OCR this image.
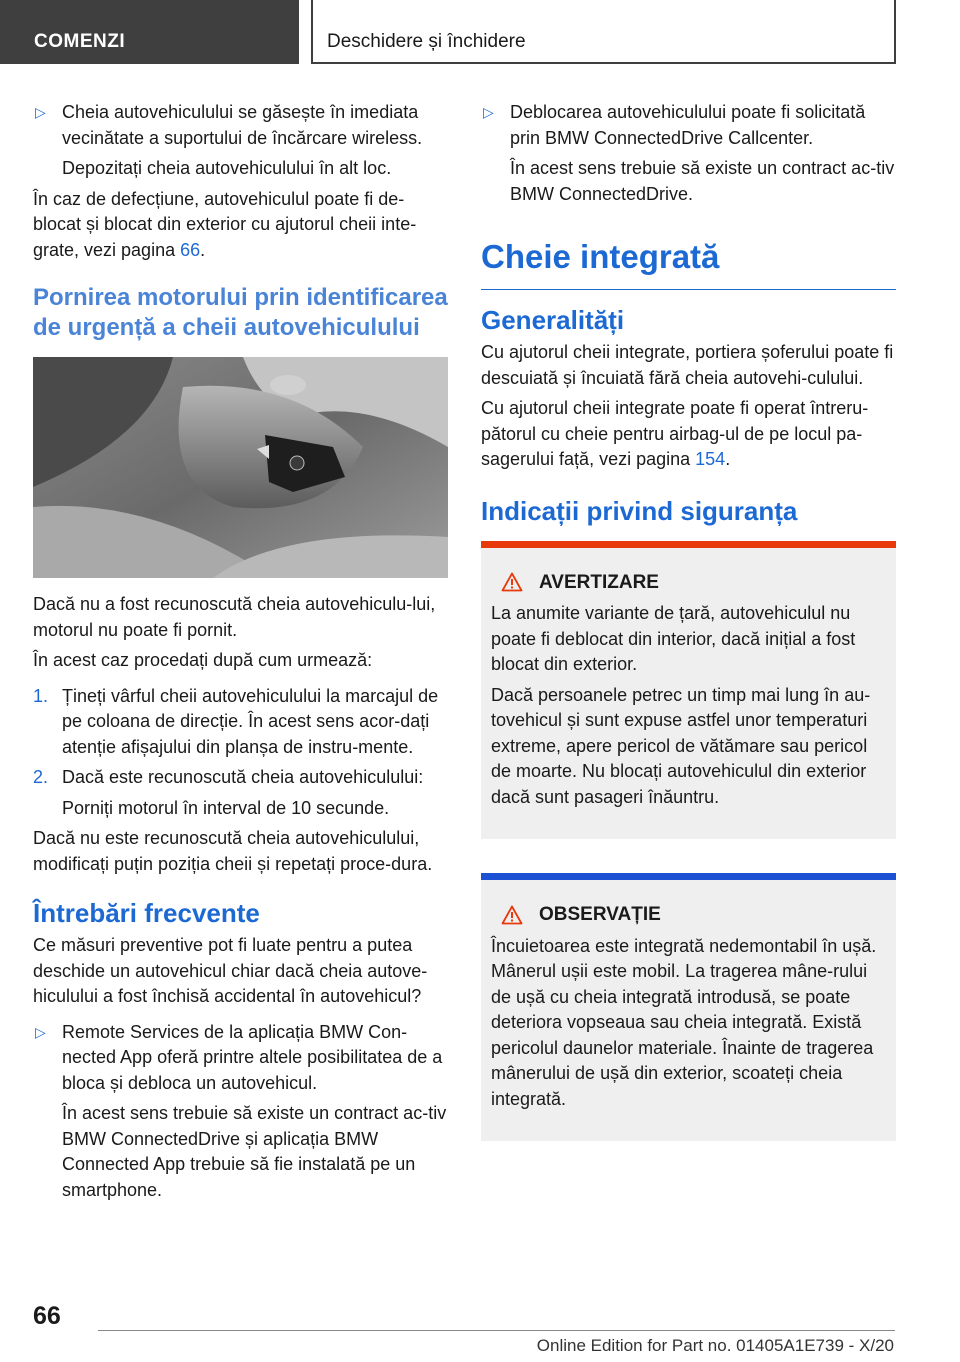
COMENZI	Deschidere și închidere
▷ Cheia autovehiculului se găsește în imediata vecinătate a suportului de încărcare wireless.
Depozitați cheia autovehiculului în alt loc.

În caz de defecțiune, autovehiculul poate fi de-blocat și blocat din exterior cu ajutorul cheii inte-grate, vezi pagina 66.

Pornirea motorului prin identificarea de urgență a cheii autovehiculului

Dacă nu a fost recunoscută cheia autovehiculu-lui, motorul nu poate fi pornit.

În acest caz procedați după cum urmează:

1. Țineți vârful cheii autovehiculului la marcajul de pe coloana de direcție. În acest sens acor-dați atenție afișajului din planșa de instru-mente.
2. Dacă este recunoscută cheia autovehiculului:
Porniți motorul în interval de 10 secunde.

Dacă nu este recunoscută cheia autovehiculului, modificați puțin poziția cheii și repetați proce-dura.

Întrebări frecvente

Ce măsuri preventive pot fi luate pentru a putea deschide un autovehicul chiar dacă cheia autove-hiculului a fost închisă accidental în autovehicul?

▷ Remote Services de la aplicația BMW Con-nected App oferă printre altele posibilitatea de a bloca și debloca un autovehicul.
În acest sens trebuie să existe un contract ac-tiv BMW ConnectedDrive și aplicația BMW Connected App trebuie să fie instalată pe un smartphone.
▷ Deblocarea autovehiculului poate fi solicitată prin BMW ConnectedDrive Callcenter.
În acest sens trebuie să existe un contract ac-tiv BMW ConnectedDrive.
Cheie integrată
Generalități

Cu ajutorul cheii integrate, portiera șoferului poate fi descuiată și încuiată fără cheia autovehi-culului.

Cu ajutorul cheii integrate poate fi operat întreru-pătorul cu cheie pentru airbag-ul de pe locul pa-sagerului față, vezi pagina 154.

Indicații privind siguranța
AVERTIZARE

La anumite variante de țară, autovehiculul nu poate fi deblocat din interior, dacă inițial a fost blocat din exterior.

Dacă persoanele petrec un timp mai lung în au-tovehicul și sunt expuse astfel unor temperaturi extreme, apere pericol de vătămare sau pericol de moarte. Nu blocați autovehiculul din exterior dacă sunt pasageri înăuntru.

OBSERVAȚIE

Încuietoarea este integrată nedemontabil în ușă. Mânerul ușii este mobil. La tragerea mâne-rului de ușă cu cheia integrată introdusă, se poate deteriora vopseaua sau cheia integrată. Există pericolul daunelor materiale. Înainte de tragerea mânerului de ușă din exterior, scoateți cheia integrată.

66
Online Edition for Part no. 01405A1E739 - X/20
